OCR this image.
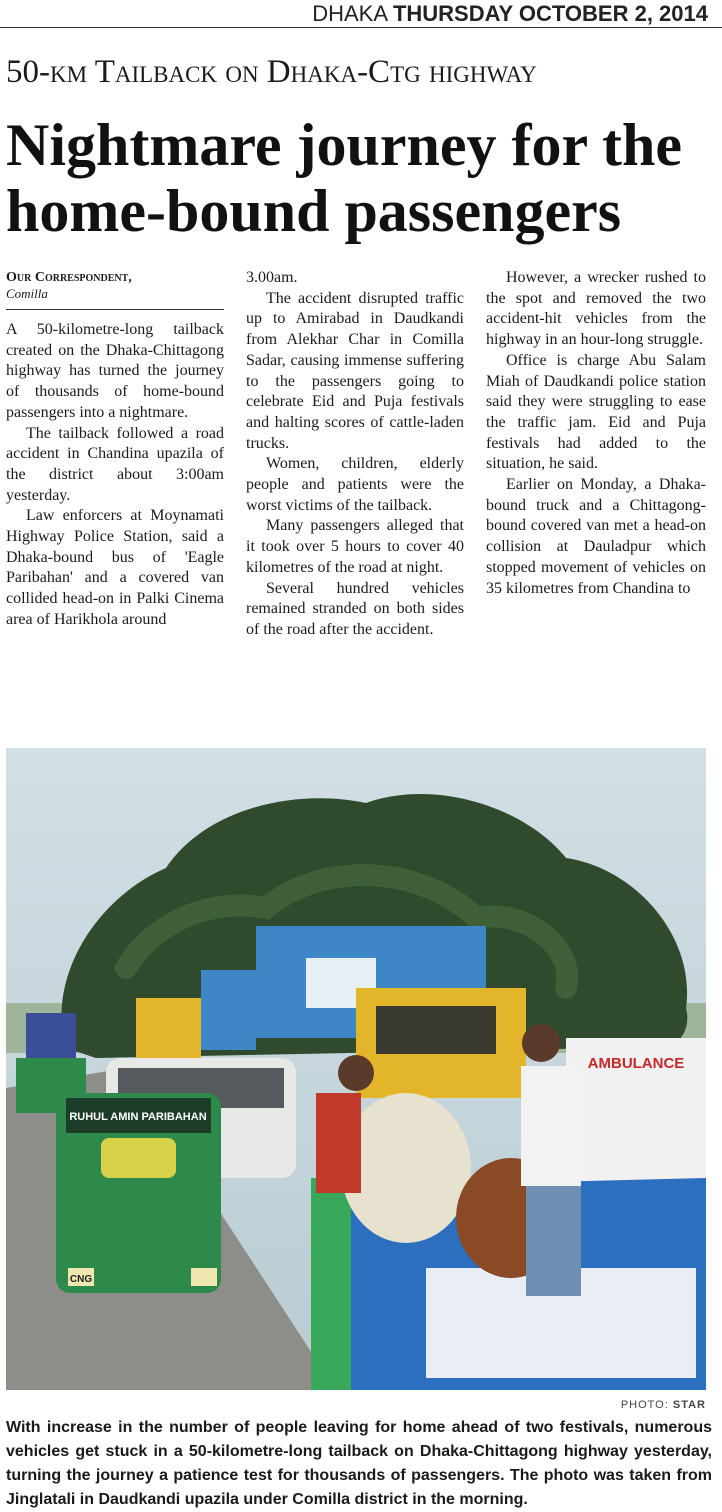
DHAKA THURSDAY OCTOBER 2, 2014
50-km Tailback on Dhaka-Ctg highway
Nightmare journey for the home-bound passengers
Our Correspondent,
Comilla

A 50-kilometre-long tailback created on the Dhaka-Chittagong highway has turned the journey of thousands of home-bound passengers into a nightmare.

The tailback followed a road accident in Chandina upazila of the district about 3:00am yesterday.

Law enforcers at Moynamati Highway Police Station, said a Dhaka-bound bus of 'Eagle Paribahan' and a covered van collided head-on in Palki Cinema area of Harikhola around

3.00am.

The accident disrupted traffic up to Amirabad in Daudkandi from Alekhar Char in Comilla Sadar, causing immense suffering to the passengers going to celebrate Eid and Puja festivals and halting scores of cattle-laden trucks.

Women, children, elderly people and patients were the worst victims of the tailback.

Many passengers alleged that it took over 5 hours to cover 40 kilometres of the road at night.

Several hundred vehicles remained stranded on both sides of the road after the accident.

However, a wrecker rushed to the spot and removed the two accident-hit vehicles from the highway in an hour-long struggle.

Office is charge Abu Salam Miah of Daudkandi police station said they were struggling to ease the traffic jam. Eid and Puja festivals had added to the situation, he said.

Earlier on Monday, a Dhaka-bound truck and a Chittagong-bound covered van met a head-on collision at Dauladpur which stopped movement of vehicles on 35 kilometres from Chandina to

RUHUL AMIN PARIBAHAN
CNG
AMBULANCE
PHOTO: STAR
With increase in the number of people leaving for home ahead of two festivals, numerous vehicles get stuck in a 50-kilometre-long tailback on Dhaka-Chittagong highway yesterday, turning the journey a patience test for thousands of passengers. The photo was taken from Jinglatali in Daudkandi upazila under Comilla district in the morning.
